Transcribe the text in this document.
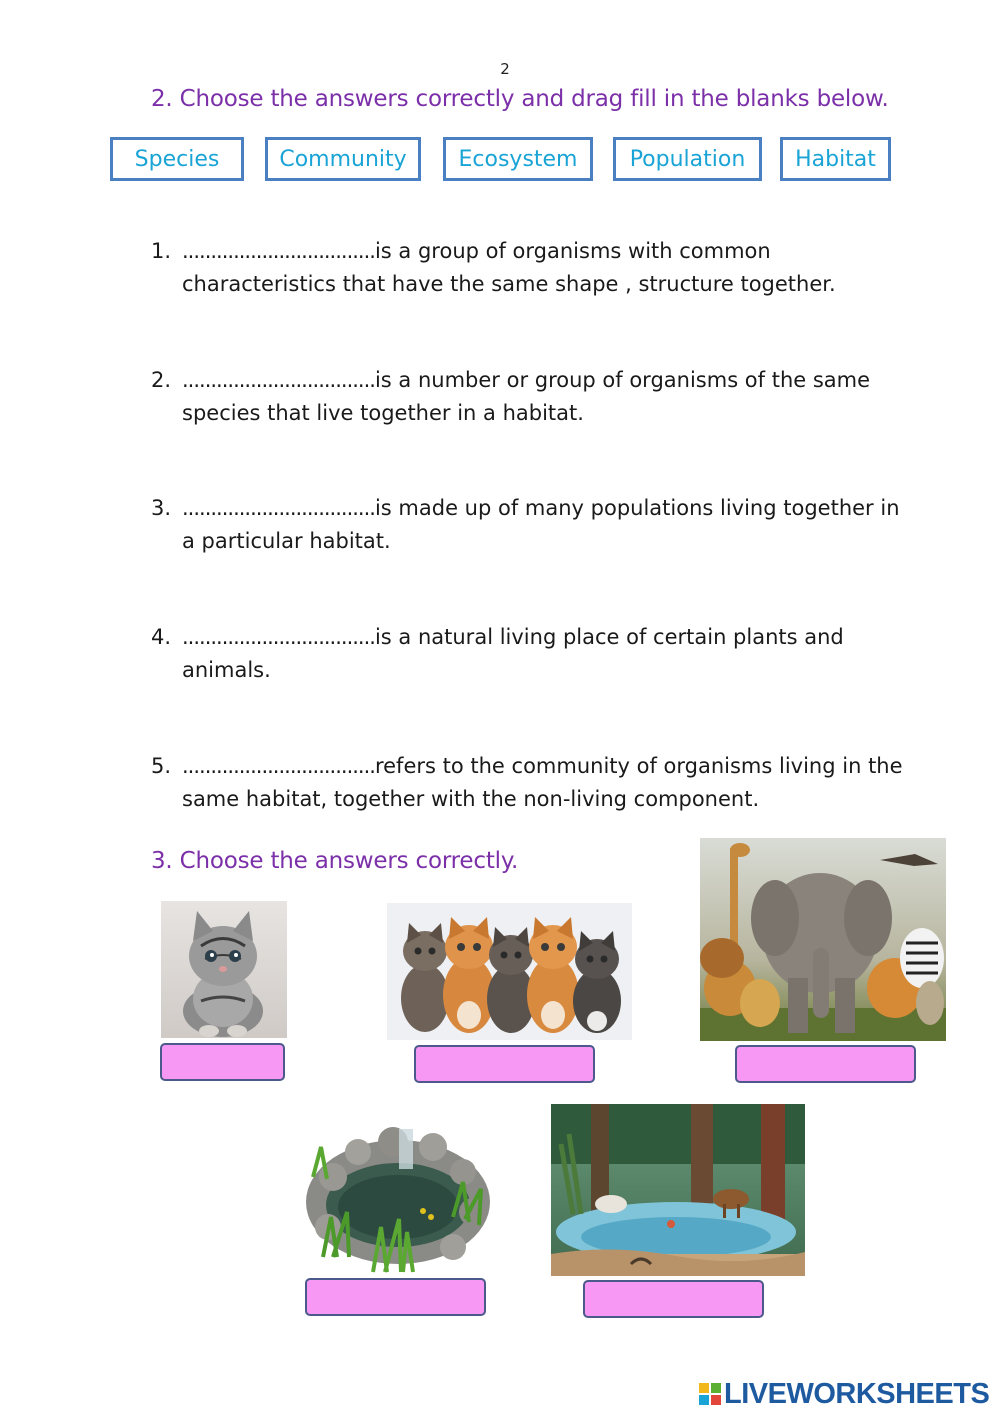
2
2. Choose the answers correctly and drag fill in the blanks below.
Species	Community	Ecosystem	Population	Habitat
1. ..................................is a group of organisms with common characteristics that have the same shape , structure together.
2. ..................................is a number or group of organisms of the same species that live together in a habitat.
3. ..................................is made up of many populations living together in a particular habitat.
4. ..................................is a natural living place of certain plants and animals.
5. ..................................refers to the community of organisms living in the same habitat, together with the non-living component.
3. Choose the answers correctly.
LIVEWORKSHEETS
